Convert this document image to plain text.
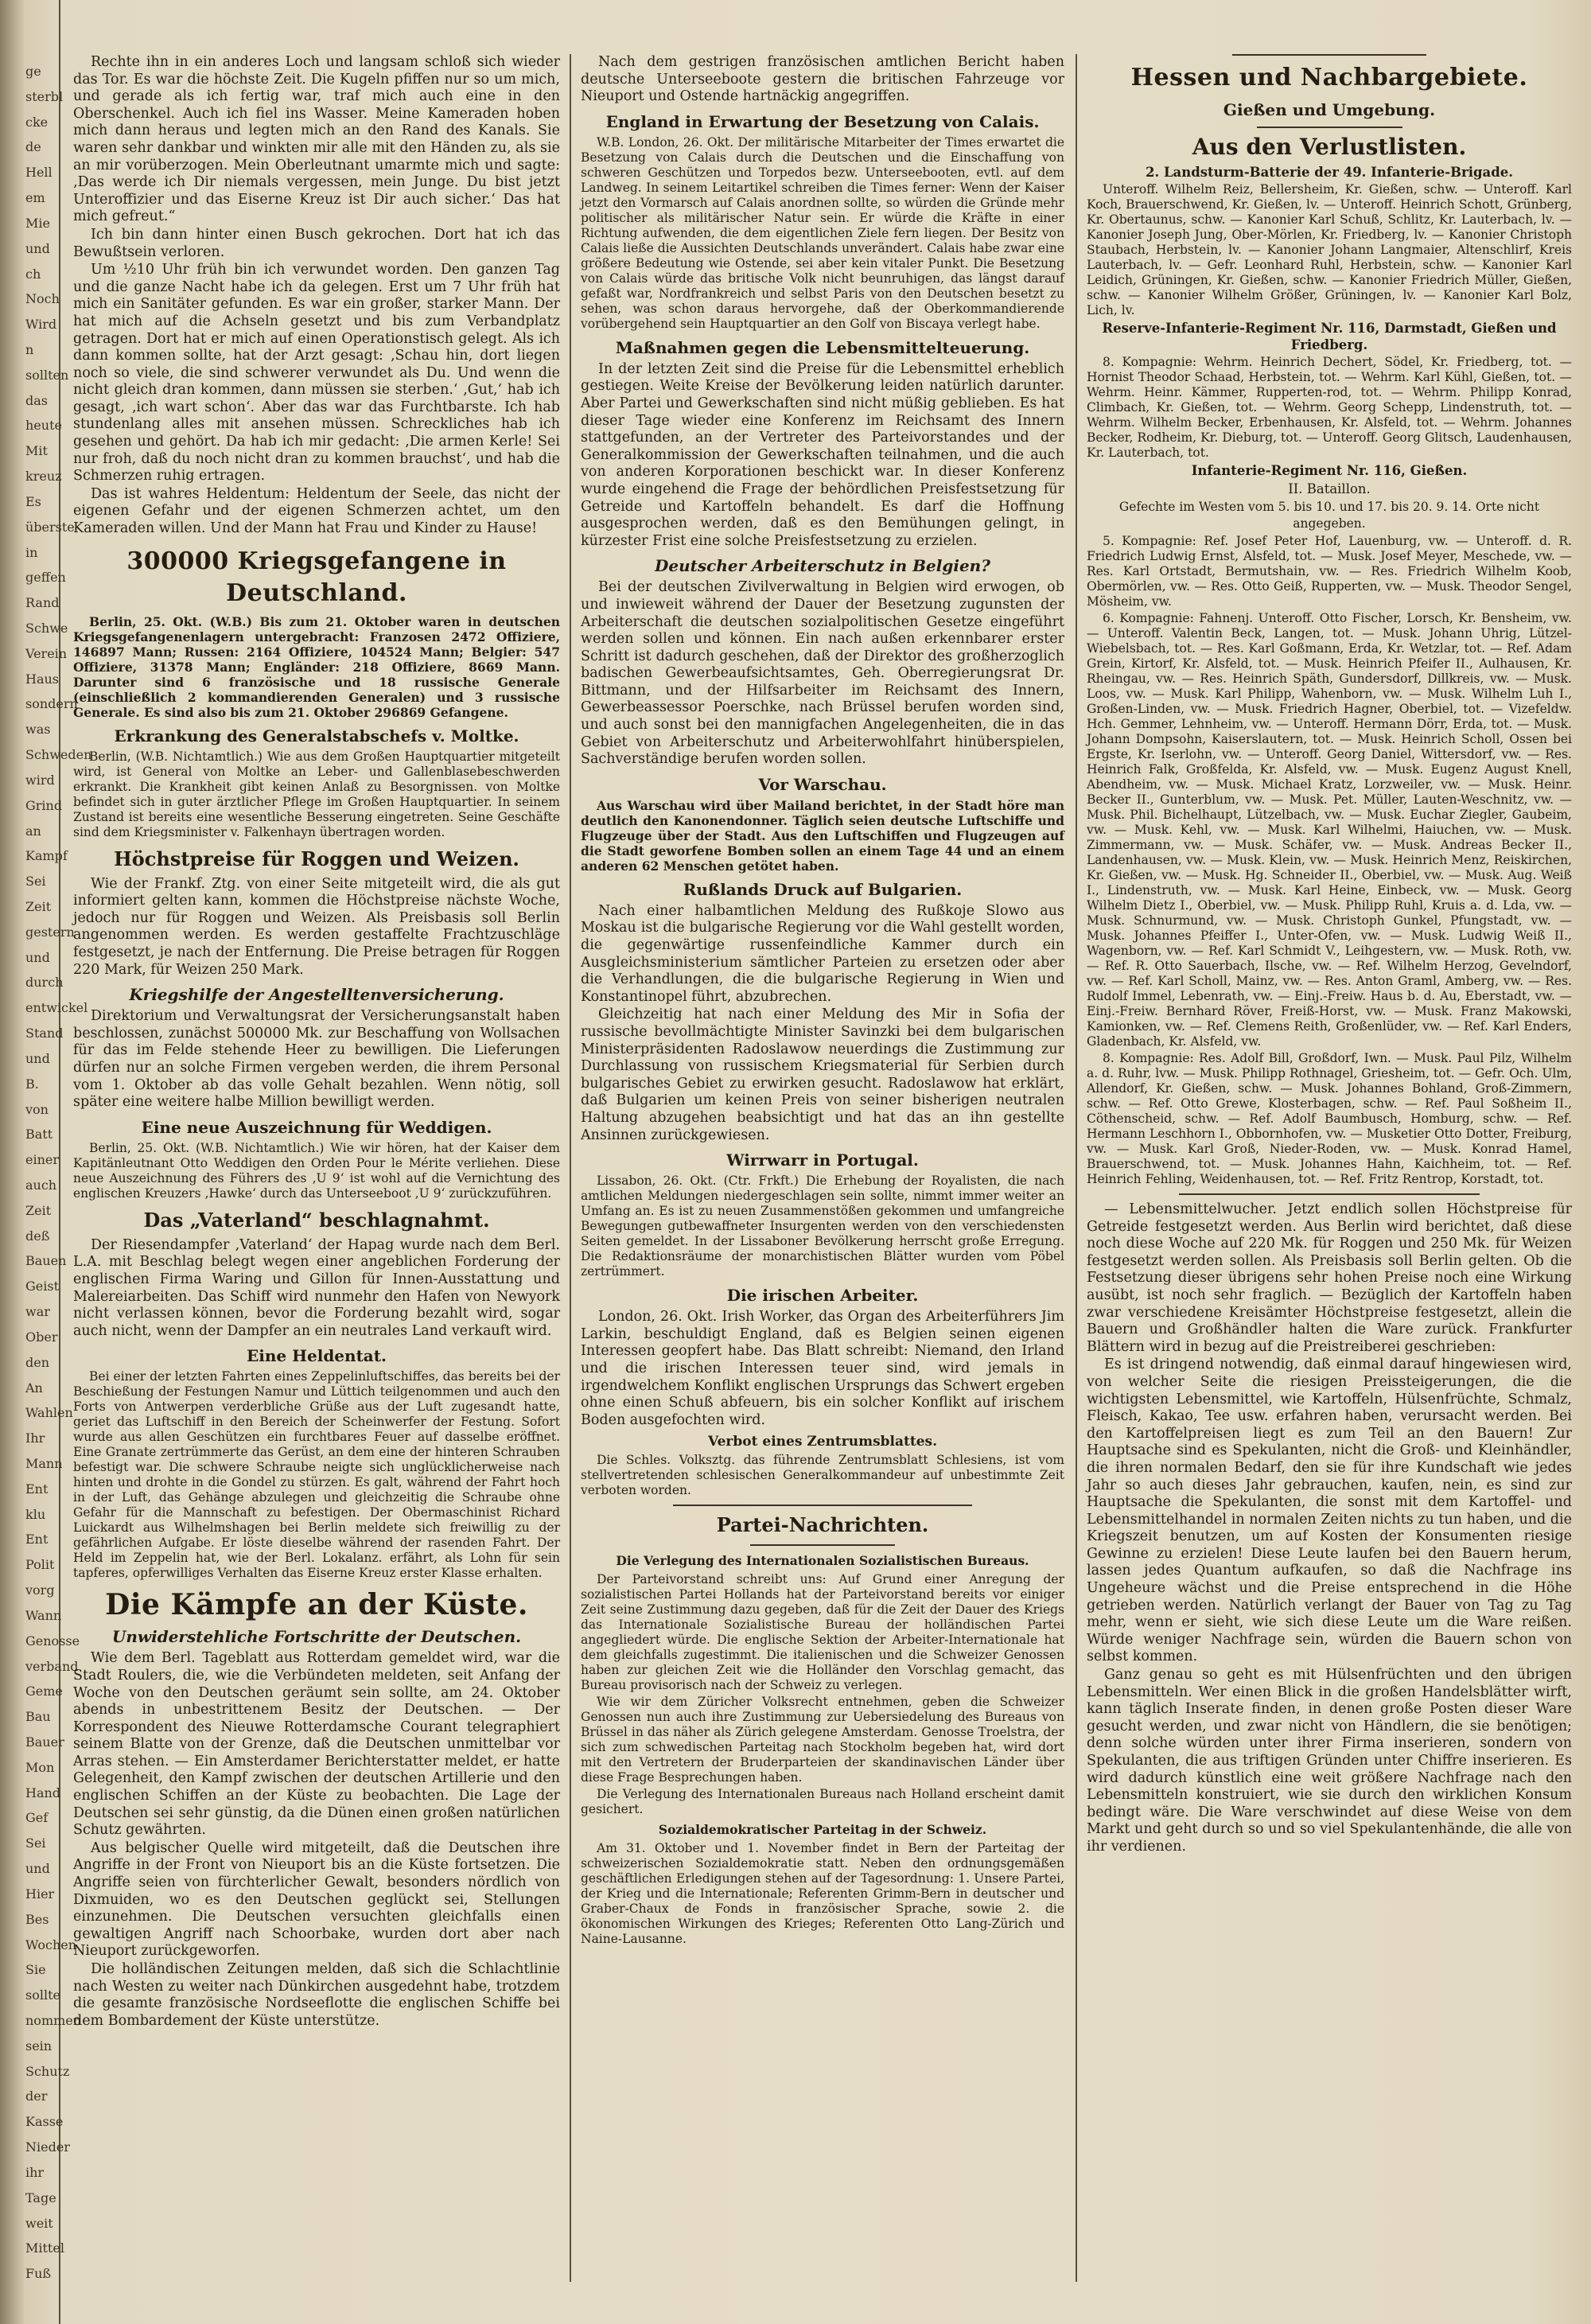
ge
sterbl
cke
de
Hell
em
Mie
und
ch
Noch
Wird
n
sollten
das
heute
Mit
kreuz
Es
überste
in
geffen
Rand
Schwe
Verein
Haus
sondern
was
Schweden
wird
Grind
an
Kampf
Sei
Zeit
gestern
und
durch
entwickel
Stand
und
B.
von
Batt
einer
auch
Zeit
deß
Bauen
Geist
war
Ober
den
An
Wahlen
Ihr
Mann
Ent
klu
Ent
Polit
vorg
Wann
Genosse
verband
Geme
Bau
Bauer
Mon
Hand
Gef
Sei
und
Hier
Bes
Wochen
Sie
sollte
nommen
sein
Schutz
der
Kasse
Nieder
ihr
Tage
weit
Mittel
Fuß

Rechte ihn in ein anderes Loch und langsam schloß sich wieder das Tor. Es war die höchste Zeit. Die Kugeln pfiffen nur so um mich, und gerade als ich fertig war, traf mich auch eine in den Oberschenkel. Auch ich fiel ins Wasser. Meine Kameraden hoben mich dann heraus und legten mich an den Rand des Kanals. Sie waren sehr dankbar und winkten mir alle mit den Händen zu, als sie an mir vorüberzogen. Mein Oberleutnant umarmte mich und sagte: ‚Das werde ich Dir niemals vergessen, mein Junge. Du bist jetzt Unteroffizier und das Eiserne Kreuz ist Dir auch sicher.‘ Das hat mich gefreut.“

Ich bin dann hinter einen Busch gekrochen. Dort hat ich das Bewußtsein verloren.

Um ½10 Uhr früh bin ich verwundet worden. Den ganzen Tag und die ganze Nacht habe ich da gelegen. Erst um 7 Uhr früh hat mich ein Sanitäter gefunden. Es war ein großer, starker Mann. Der hat mich auf die Achseln gesetzt und bis zum Verbandplatz getragen. Dort hat er mich auf einen Operationstisch gelegt. Als ich dann kommen sollte, hat der Arzt gesagt: ‚Schau hin, dort liegen noch so viele, die sind schwerer verwundet als Du. Und wenn die nicht gleich dran kommen, dann müssen sie sterben.‘ ‚Gut,‘ hab ich gesagt, ‚ich wart schon‘. Aber das war das Furchtbarste. Ich hab stundenlang alles mit ansehen müssen. Schreckliches hab ich gesehen und gehört. Da hab ich mir gedacht: ‚Die armen Kerle! Sei nur froh, daß du noch nicht dran zu kommen brauchst‘, und hab die Schmerzen ruhig ertragen.

Das ist wahres Heldentum: Heldentum der Seele, das nicht der eigenen Gefahr und der eigenen Schmerzen achtet, um den Kameraden willen. Und der Mann hat Frau und Kinder zu Hause!

300000 Kriegsgefangene in Deutschland.

Berlin, 25. Okt. (W.B.) Bis zum 21. Oktober waren in deutschen Kriegsgefangenenlagern untergebracht: Franzosen 2472 Offiziere, 146897 Mann; Russen: 2164 Offiziere, 104524 Mann; Belgier: 547 Offiziere, 31378 Mann; Engländer: 218 Offiziere, 8669 Mann. Darunter sind 6 französische und 18 russische Generale (einschließlich 2 kommandierenden Generalen) und 3 russische Generale. Es sind also bis zum 21. Oktober 296869 Gefangene.

Erkrankung des Generalstabschefs v. Moltke.

Berlin, (W.B. Nichtamtlich.) Wie aus dem Großen Hauptquartier mitgeteilt wird, ist General von Moltke an Leber- und Gallenblasebeschwerden erkrankt. Die Krankheit gibt keinen Anlaß zu Besorgnissen. von Moltke befindet sich in guter ärztlicher Pflege im Großen Hauptquartier. In seinem Zustand ist bereits eine wesentliche Besserung eingetreten. Seine Geschäfte sind dem Kriegsminister v. Falkenhayn übertragen worden.

Höchstpreise für Roggen und Weizen.

Wie der Frankf. Ztg. von einer Seite mitgeteilt wird, die als gut informiert gelten kann, kommen die Höchstpreise nächste Woche, jedoch nur für Roggen und Weizen. Als Preisbasis soll Berlin angenommen werden. Es werden gestaffelte Frachtzuschläge festgesetzt, je nach der Entfernung. Die Preise betragen für Roggen 220 Mark, für Weizen 250 Mark.

Kriegshilfe der Angestelltenversicherung.

Direktorium und Verwaltungsrat der Versicherungsanstalt haben beschlossen, zunächst 500000 Mk. zur Beschaffung von Wollsachen für das im Felde stehende Heer zu bewilligen. Die Lieferungen dürfen nur an solche Firmen vergeben werden, die ihrem Personal vom 1. Oktober ab das volle Gehalt bezahlen. Wenn nötig, soll später eine weitere halbe Million bewilligt werden.

Eine neue Auszeichnung für Weddigen.

Berlin, 25. Okt. (W.B. Nichtamtlich.) Wie wir hören, hat der Kaiser dem Kapitänleutnant Otto Weddigen den Orden Pour le Mérite verliehen. Diese neue Auszeichnung des Führers des ‚U 9‘ ist wohl auf die Vernichtung des englischen Kreuzers ‚Hawke‘ durch das Unterseeboot ‚U 9‘ zurückzuführen.

Das „Vaterland“ beschlagnahmt.

Der Riesendampfer ‚Vaterland‘ der Hapag wurde nach dem Berl. L.A. mit Beschlag belegt wegen einer angeblichen Forderung der englischen Firma Waring und Gillon für Innen-Ausstattung und Malereiarbeiten. Das Schiff wird nunmehr den Hafen von Newyork nicht verlassen können, bevor die Forderung bezahlt wird, sogar auch nicht, wenn der Dampfer an ein neutrales Land verkauft wird.

Eine Heldentat.

Bei einer der letzten Fahrten eines Zeppelinluftschiffes, das bereits bei der Beschießung der Festungen Namur und Lüttich teilgenommen und auch den Forts von Antwerpen verderbliche Grüße aus der Luft zugesandt hatte, geriet das Luftschiff in den Bereich der Scheinwerfer der Festung. Sofort wurde aus allen Geschützen ein furchtbares Feuer auf dasselbe eröffnet. Eine Granate zertrümmerte das Gerüst, an dem eine der hinteren Schrauben befestigt war. Die schwere Schraube neigte sich unglücklicherweise nach hinten und drohte in die Gondel zu stürzen. Es galt, während der Fahrt hoch in der Luft, das Gehänge abzulegen und gleichzeitig die Schraube ohne Gefahr für die Mannschaft zu befestigen. Der Obermaschinist Richard Luickardt aus Wilhelmshagen bei Berlin meldete sich freiwillig zu der gefährlichen Aufgabe. Er löste dieselbe während der rasenden Fahrt. Der Held im Zeppelin hat, wie der Berl. Lokalanz. erfährt, als Lohn für sein tapferes, opferwilliges Verhalten das Eiserne Kreuz erster Klasse erhalten.

Die Kämpfe an der Küste.
Unwiderstehliche Fortschritte der Deutschen.

Wie dem Berl. Tageblatt aus Rotterdam gemeldet wird, war die Stadt Roulers, die, wie die Verbündeten meldeten, seit Anfang der Woche von den Deutschen geräumt sein sollte, am 24. Oktober abends in unbestrittenem Besitz der Deutschen. — Der Korrespondent des Nieuwe Rotterdamsche Courant telegraphiert seinem Blatte von der Grenze, daß die Deutschen unmittelbar vor Arras stehen. — Ein Amsterdamer Berichterstatter meldet, er hatte Gelegenheit, den Kampf zwischen der deutschen Artillerie und den englischen Schiffen an der Küste zu beobachten. Die Lage der Deutschen sei sehr günstig, da die Dünen einen großen natürlichen Schutz gewährten.

Aus belgischer Quelle wird mitgeteilt, daß die Deutschen ihre Angriffe in der Front von Nieuport bis an die Küste fortsetzen. Die Angriffe seien von fürchterlicher Gewalt, besonders nördlich von Dixmuiden, wo es den Deutschen geglückt sei, Stellungen einzunehmen. Die Deutschen versuchten gleichfalls einen gewaltigen Angriff nach Schoorbake, wurden dort aber nach Nieuport zurückgeworfen.

Die holländischen Zeitungen melden, daß sich die Schlachtlinie nach Westen zu weiter nach Dünkirchen ausgedehnt habe, trotzdem die gesamte französische Nordseeflotte die englischen Schiffe bei dem Bombardement der Küste unterstütze.

Nach dem gestrigen französischen amtlichen Bericht haben deutsche Unterseeboote gestern die britischen Fahrzeuge vor Nieuport und Ostende hartnäckig angegriffen.

England in Erwartung der Besetzung von Calais.

W.B. London, 26. Okt. Der militärische Mitarbeiter der Times erwartet die Besetzung von Calais durch die Deutschen und die Einschaffung von schweren Geschützen und Torpedos bezw. Unterseebooten, evtl. auf dem Landweg. In seinem Leitartikel schreiben die Times ferner: Wenn der Kaiser jetzt den Vormarsch auf Calais anordnen sollte, so würden die Gründe mehr politischer als militärischer Natur sein. Er würde die Kräfte in einer Richtung aufwenden, die dem eigentlichen Ziele fern liegen. Der Besitz von Calais ließe die Aussichten Deutschlands unverändert. Calais habe zwar eine größere Bedeutung wie Ostende, sei aber kein vitaler Punkt. Die Besetzung von Calais würde das britische Volk nicht beunruhigen, das längst darauf gefaßt war, Nordfrankreich und selbst Paris von den Deutschen besetzt zu sehen, was schon daraus hervorgehe, daß der Oberkommandierende vorübergehend sein Hauptquartier an den Golf von Biscaya verlegt habe.

Maßnahmen gegen die Lebensmittelteuerung.

In der letzten Zeit sind die Preise für die Lebensmittel erheblich gestiegen. Weite Kreise der Bevölkerung leiden natürlich darunter. Aber Partei und Gewerkschaften sind nicht müßig geblieben. Es hat dieser Tage wieder eine Konferenz im Reichsamt des Innern stattgefunden, an der Vertreter des Parteivorstandes und der Generalkommission der Gewerkschaften teilnahmen, und die auch von anderen Korporationen beschickt war. In dieser Konferenz wurde eingehend die Frage der behördlichen Preisfestsetzung für Getreide und Kartoffeln behandelt. Es darf die Hoffnung ausgesprochen werden, daß es den Bemühungen gelingt, in kürzester Frist eine solche Preisfestsetzung zu erzielen.

Deutscher Arbeiterschutz in Belgien?

Bei der deutschen Zivilverwaltung in Belgien wird erwogen, ob und inwieweit während der Dauer der Besetzung zugunsten der Arbeiterschaft die deutschen sozialpolitischen Gesetze eingeführt werden sollen und können. Ein nach außen erkennbarer erster Schritt ist dadurch geschehen, daß der Direktor des großherzoglich badischen Gewerbeaufsichtsamtes, Geh. Oberregierungsrat Dr. Bittmann, und der Hilfsarbeiter im Reichsamt des Innern, Gewerbeassessor Poerschke, nach Brüssel berufen worden sind, und auch sonst bei den mannigfachen Angelegenheiten, die in das Gebiet von Arbeiterschutz und Arbeiterwohlfahrt hinüberspielen, Sachverständige berufen worden sollen.

Vor Warschau.

Aus Warschau wird über Mailand berichtet, in der Stadt höre man deutlich den Kanonendonner. Täglich seien deutsche Luftschiffe und Flugzeuge über der Stadt. Aus den Luftschiffen und Flugzeugen auf die Stadt geworfene Bomben sollen an einem Tage 44 und an einem anderen 62 Menschen getötet haben.

Rußlands Druck auf Bulgarien.

Nach einer halbamtlichen Meldung des Rußkoje Slowo aus Moskau ist die bulgarische Regierung vor die Wahl gestellt worden, die gegenwärtige russenfeindliche Kammer durch ein Ausgleichsministerium sämtlicher Parteien zu ersetzen oder aber die Verhandlungen, die die bulgarische Regierung in Wien und Konstantinopel führt, abzubrechen.

Gleichzeitig hat nach einer Meldung des Mir in Sofia der russische bevollmächtigte Minister Savinzki bei dem bulgarischen Ministerpräsidenten Radoslawow neuerdings die Zustimmung zur Durchlassung von russischem Kriegsmaterial für Serbien durch bulgarisches Gebiet zu erwirken gesucht. Radoslawow hat erklärt, daß Bulgarien um keinen Preis von seiner bisherigen neutralen Haltung abzugehen beabsichtigt und hat das an ihn gestellte Ansinnen zurückgewiesen.

Wirrwarr in Portugal.

Lissabon, 26. Okt. (Ctr. Frkft.) Die Erhebung der Royalisten, die nach amtlichen Meldungen niedergeschlagen sein sollte, nimmt immer weiter an Umfang an. Es ist zu neuen Zusammenstößen gekommen und umfangreiche Bewegungen gutbewaffneter Insurgenten werden von den verschiedensten Seiten gemeldet. In der Lissaboner Bevölkerung herrscht große Erregung. Die Redaktionsräume der monarchistischen Blätter wurden vom Pöbel zertrümmert.

Die irischen Arbeiter.

London, 26. Okt. Irish Worker, das Organ des Arbeiterführers Jim Larkin, beschuldigt England, daß es Belgien seinen eigenen Interessen geopfert habe. Das Blatt schreibt: Niemand, den Irland und die irischen Interessen teuer sind, wird jemals in irgendwelchem Konflikt englischen Ursprungs das Schwert ergeben ohne einen Schuß abfeuern, bis ein solcher Konflikt auf irischem Boden ausgefochten wird.

Verbot eines Zentrumsblattes.

Die Schles. Volksztg. das führende Zentrumsblatt Schlesiens, ist vom stellvertretenden schlesischen Generalkommandeur auf unbestimmte Zeit verboten worden.

Partei-Nachrichten.
Die Verlegung des Internationalen Sozialistischen Bureaus.

Der Parteivorstand schreibt uns: Auf Grund einer Anregung der sozialistischen Partei Hollands hat der Parteivorstand bereits vor einiger Zeit seine Zustimmung dazu gegeben, daß für die Zeit der Dauer des Kriegs das Internationale Sozialistische Bureau der holländischen Partei angegliedert würde. Die englische Sektion der Arbeiter-Internationale hat dem gleichfalls zugestimmt. Die italienischen und die Schweizer Genossen haben zur gleichen Zeit wie die Holländer den Vorschlag gemacht, das Bureau provisorisch nach der Schweiz zu verlegen.

Wie wir dem Züricher Volksrecht entnehmen, geben die Schweizer Genossen nun auch ihre Zustimmung zur Uebersiedelung des Bureaus von Brüssel in das näher als Zürich gelegene Amsterdam. Genosse Troelstra, der sich zum schwedischen Parteitag nach Stockholm begeben hat, wird dort mit den Vertretern der Bruderparteien der skandinavischen Länder über diese Frage Besprechungen haben.

Die Verlegung des Internationalen Bureaus nach Holland erscheint damit gesichert.

Sozialdemokratischer Parteitag in der Schweiz.

Am 31. Oktober und 1. November findet in Bern der Parteitag der schweizerischen Sozialdemokratie statt. Neben den ordnungsgemäßen geschäftlichen Erledigungen stehen auf der Tagesordnung: 1. Unsere Partei, der Krieg und die Internationale; Referenten Grimm-Bern in deutscher und Graber-Chaux de Fonds in französischer Sprache, sowie 2. die ökonomischen Wirkungen des Krieges; Referenten Otto Lang-Zürich und Naine-Lausanne.

Hessen und Nachbargebiete.
Gießen und Umgebung.
Aus den Verlustlisten.

2. Landsturm-Batterie der 49. Infanterie-Brigade.

Unteroff. Wilhelm Reiz, Bellersheim, Kr. Gießen, schw. — Unteroff. Karl Koch, Brauerschwend, Kr. Gießen, lv. — Unteroff. Heinrich Schott, Grünberg, Kr. Obertaunus, schw. — Kanonier Karl Schuß, Schlitz, Kr. Lauterbach, lv. — Kanonier Joseph Jung, Ober-Mörlen, Kr. Friedberg, lv. — Kanonier Christoph Staubach, Herbstein, lv. — Kanonier Johann Langmaier, Altenschlirf, Kreis Lauterbach, lv. — Gefr. Leonhard Ruhl, Herbstein, schw. — Kanonier Karl Leidich, Grüningen, Kr. Gießen, schw. — Kanonier Friedrich Müller, Gießen, schw. — Kanonier Wilhelm Größer, Grüningen, lv. — Kanonier Karl Bolz, Lich, lv.

Reserve-Infanterie-Regiment Nr. 116, Darmstadt, Gießen und Friedberg.

8. Kompagnie: Wehrm. Heinrich Dechert, Södel, Kr. Friedberg, tot. — Hornist Theodor Schaad, Herbstein, tot. — Wehrm. Karl Kühl, Gießen, tot. — Wehrm. Heinr. Kämmer, Rupperten-rod, tot. — Wehrm. Philipp Konrad, Climbach, Kr. Gießen, tot. — Wehrm. Georg Schepp, Lindenstruth, tot. — Wehrm. Wilhelm Becker, Erbenhausen, Kr. Alsfeld, tot. — Wehrm. Johannes Becker, Rodheim, Kr. Dieburg, tot. — Unteroff. Georg Glitsch, Laudenhausen, Kr. Lauterbach, tot.

Infanterie-Regiment Nr. 116, Gießen.

II. Bataillon.

Gefechte im Westen vom 5. bis 10. und 17. bis 20. 9. 14. Orte nicht angegeben.

5. Kompagnie: Ref. Josef Peter Hof, Lauenburg, vw. — Unteroff. d. R. Friedrich Ludwig Ernst, Alsfeld, tot. — Musk. Josef Meyer, Meschede, vw. — Res. Karl Ortstadt, Bermutshain, vw. — Res. Friedrich Wilhelm Koob, Obermörlen, vw. — Res. Otto Geiß, Rupperten, vw. — Musk. Theodor Sengel, Mösheim, vw.

6. Kompagnie: Fahnenj. Unteroff. Otto Fischer, Lorsch, Kr. Bensheim, vw. — Unteroff. Valentin Beck, Langen, tot. — Musk. Johann Uhrig, Lützel-Wiebelsbach, tot. — Res. Karl Goßmann, Erda, Kr. Wetzlar, tot. — Ref. Adam Grein, Kirtorf, Kr. Alsfeld, tot. — Musk. Heinrich Pfeifer II., Aulhausen, Kr. Rheingau, vw. — Res. Heinrich Späth, Gundersdorf, Dillkreis, vw. — Musk. Loos, vw. — Musk. Karl Philipp, Wahenborn, vw. — Musk. Wilhelm Luh I., Großen-Linden, vw. — Musk. Friedrich Hagner, Oberbiel, tot. — Vizefeldw. Hch. Gemmer, Lehnheim, vw. — Unteroff. Hermann Dörr, Erda, tot. — Musk. Johann Dompsohn, Kaiserslautern, tot. — Musk. Heinrich Scholl, Ossen bei Ergste, Kr. Iserlohn, vw. — Unteroff. Georg Daniel, Wittersdorf, vw. — Res. Heinrich Falk, Großfelda, Kr. Alsfeld, vw. — Musk. Eugenz August Knell, Abendheim, vw. — Musk. Michael Kratz, Lorzweiler, vw. — Musk. Heinr. Becker II., Gunterblum, vw. — Musk. Pet. Müller, Lauten-Weschnitz, vw. — Musk. Phil. Bichelhaupt, Lützelbach, vw. — Musk. Euchar Ziegler, Gaubeim, vw. — Musk. Kehl, vw. — Musk. Karl Wilhelmi, Haiuchen, vw. — Musk. Zimmermann, vw. — Musk. Schäfer, vw. — Musk. Andreas Becker II., Landenhausen, vw. — Musk. Klein, vw. — Musk. Heinrich Menz, Reiskirchen, Kr. Gießen, vw. — Musk. Hg. Schneider II., Oberbiel, vw. — Musk. Aug. Weiß I., Lindenstruth, vw. — Musk. Karl Heine, Einbeck, vw. — Musk. Georg Wilhelm Dietz I., Oberbiel, vw. — Musk. Philipp Ruhl, Kruis a. d. Lda, vw. — Musk. Schnurmund, vw. — Musk. Christoph Gunkel, Pfungstadt, vw. — Musk. Johannes Pfeiffer I., Unter-Ofen, vw. — Musk. Ludwig Weiß II., Wagenborn, vw. — Ref. Karl Schmidt V., Leihgestern, vw. — Musk. Roth, vw. — Ref. R. Otto Sauerbach, Ilsche, vw. — Ref. Wilhelm Herzog, Gevelndorf, vw. — Ref. Karl Scholl, Mainz, vw. — Res. Anton Graml, Amberg, vw. — Res. Rudolf Immel, Lebenrath, vw. — Einj.-Freiw. Haus b. d. Au, Eberstadt, vw. — Einj.-Freiw. Bernhard Röver, Freiß-Horst, vw. — Musk. Franz Makowski, Kamionken, vw. — Ref. Clemens Reith, Großenlüder, vw. — Ref. Karl Enders, Gladenbach, Kr. Alsfeld, vw.

8. Kompagnie: Res. Adolf Bill, Großdorf, Iwn. — Musk. Paul Pilz, Wilhelm a. d. Ruhr, lvw. — Musk. Philipp Rothnagel, Griesheim, tot. — Gefr. Och. Ulm, Allendorf, Kr. Gießen, schw. — Musk. Johannes Bohland, Groß-Zimmern, schw. — Ref. Otto Grewe, Klosterbagen, schw. — Ref. Paul Soßheim II., Cöthenscheid, schw. — Ref. Adolf Baumbusch, Homburg, schw. — Ref. Hermann Leschhorn I., Obbornhofen, vw. — Musketier Otto Dotter, Freiburg, vw. — Musk. Karl Groß, Nieder-Roden, vw. — Musk. Konrad Hamel, Brauerschwend, tot. — Musk. Johannes Hahn, Kaichheim, tot. — Ref. Heinrich Fehling, Weidenhausen, tot. — Ref. Fritz Rentrop, Korstadt, tot.

— Lebensmittelwucher. Jetzt endlich sollen Höchstpreise für Getreide festgesetzt werden. Aus Berlin wird berichtet, daß diese noch diese Woche auf 220 Mk. für Roggen und 250 Mk. für Weizen festgesetzt werden sollen. Als Preisbasis soll Berlin gelten. Ob die Festsetzung dieser übrigens sehr hohen Preise noch eine Wirkung ausübt, ist noch sehr fraglich. — Bezüglich der Kartoffeln haben zwar verschiedene Kreisämter Höchstpreise festgesetzt, allein die Bauern und Großhändler halten die Ware zurück. Frankfurter Blättern wird in bezug auf die Preistreiberei geschrieben:

Es ist dringend notwendig, daß einmal darauf hingewiesen wird, von welcher Seite die riesigen Preissteigerungen, die die wichtigsten Lebensmittel, wie Kartoffeln, Hülsenfrüchte, Schmalz, Fleisch, Kakao, Tee usw. erfahren haben, verursacht werden. Bei den Kartoffelpreisen liegt es zum Teil an den Bauern! Zur Hauptsache sind es Spekulanten, nicht die Groß- und Kleinhändler, die ihren normalen Bedarf, den sie für ihre Kundschaft wie jedes Jahr so auch dieses Jahr gebrauchen, kaufen, nein, es sind zur Hauptsache die Spekulanten, die sonst mit dem Kartoffel- und Lebensmittelhandel in normalen Zeiten nichts zu tun haben, und die Kriegszeit benutzen, um auf Kosten der Konsumenten riesige Gewinne zu erzielen! Diese Leute laufen bei den Bauern herum, lassen jedes Quantum aufkaufen, so daß die Nachfrage ins Ungeheure wächst und die Preise entsprechend in die Höhe getrieben werden. Natürlich verlangt der Bauer von Tag zu Tag mehr, wenn er sieht, wie sich diese Leute um die Ware reißen. Würde weniger Nachfrage sein, würden die Bauern schon von selbst kommen.

Ganz genau so geht es mit Hülsenfrüchten und den übrigen Lebensmitteln. Wer einen Blick in die großen Handelsblätter wirft, kann täglich Inserate finden, in denen große Posten dieser Ware gesucht werden, und zwar nicht von Händlern, die sie benötigen; denn solche würden unter ihrer Firma inserieren, sondern von Spekulanten, die aus triftigen Gründen unter Chiffre inserieren. Es wird dadurch künstlich eine weit größere Nachfrage nach den Lebensmitteln konstruiert, wie sie durch den wirklichen Konsum bedingt wäre. Die Ware verschwindet auf diese Weise von dem Markt und geht durch so und so viel Spekulantenhände, die alle von ihr verdienen.
